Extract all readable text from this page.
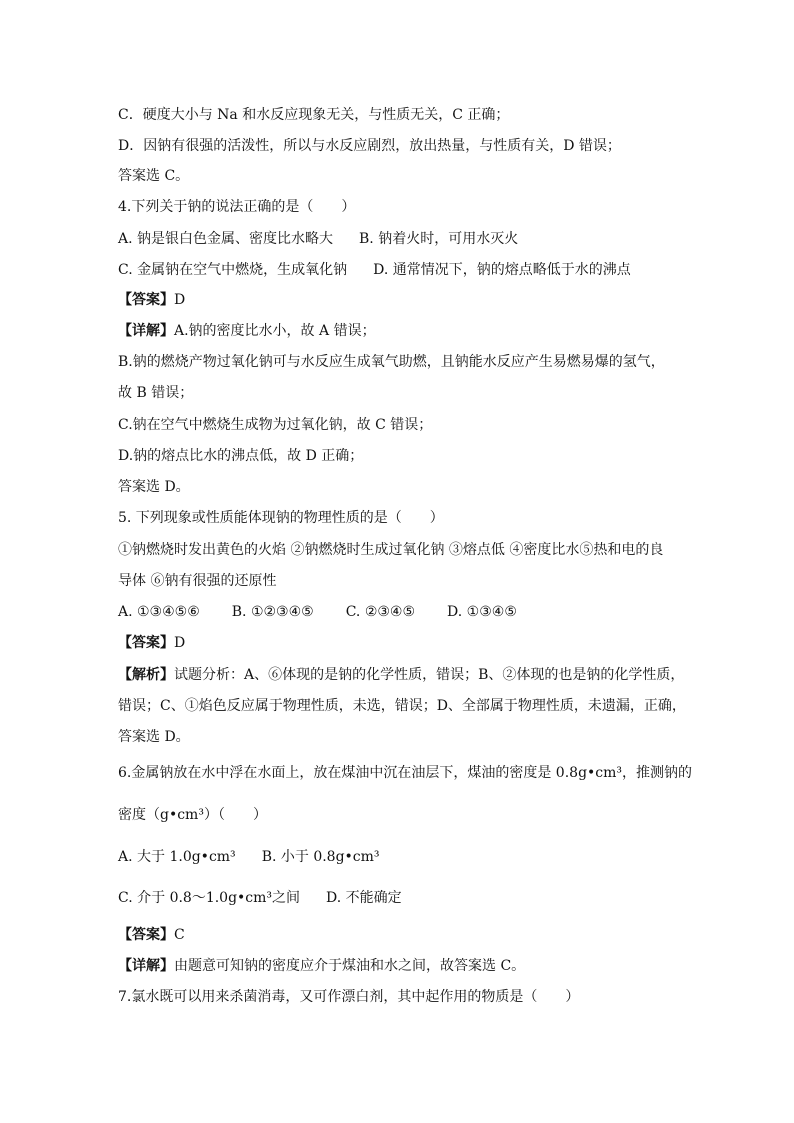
C．硬度大小与 Na 和水反应现象无关，与性质无关，C 正确；
D．因钠有很强的活泼性，所以与水反应剧烈，放出热量，与性质有关，D 错误；
答案选 C。
4.下列关于钠的说法正确的是（　　）
A. 钠是银白色金属、密度比水略大 B. 钠着火时，可用水灭火
C. 金属钠在空气中燃烧，生成氧化钠 D. 通常情况下，钠的熔点略低于水的沸点
【答案】D
【详解】A.钠的密度比水小，故 A 错误；
B.钠的燃烧产物过氧化钠可与水反应生成氧气助燃，且钠能水反应产生易燃易爆的氢气，
故 B 错误；
C.钠在空气中燃烧生成物为过氧化钠，故 C 错误；
D.钠的熔点比水的沸点低，故 D 正确；
答案选 D。
5. 下列现象或性质能体现钠的物理性质的是（　　）
①钠燃烧时发出黄色的火焰 ②钠燃烧时生成过氧化钠 ③熔点低 ④密度比水⑤热和电的良
导体 ⑥钠有很强的还原性
A. ①③④⑤⑥ B. ①②③④⑤ C. ②③④⑤ D. ①③④⑤
【答案】D
【解析】试题分析：A、⑥体现的是钠的化学性质，错误；B、②体现的也是钠的化学性质，
错误；C、①焰色反应属于物理性质，未选，错误；D、全部属于物理性质，未遗漏，正确，
答案选 D。
6.金属钠放在水中浮在水面上，放在煤油中沉在油层下，煤油的密度是 0.8g•cm³，推测钠的
密度（g•cm³）（　　）
A. 大于 1.0g•cm³ B. 小于 0.8g•cm³
C. 介于 0.8～1.0g•cm³之间 D. 不能确定
【答案】C
【详解】由题意可知钠的密度应介于煤油和水之间，故答案选 C。
7.氯水既可以用来杀菌消毒，又可作漂白剂，其中起作用的物质是（　　）
